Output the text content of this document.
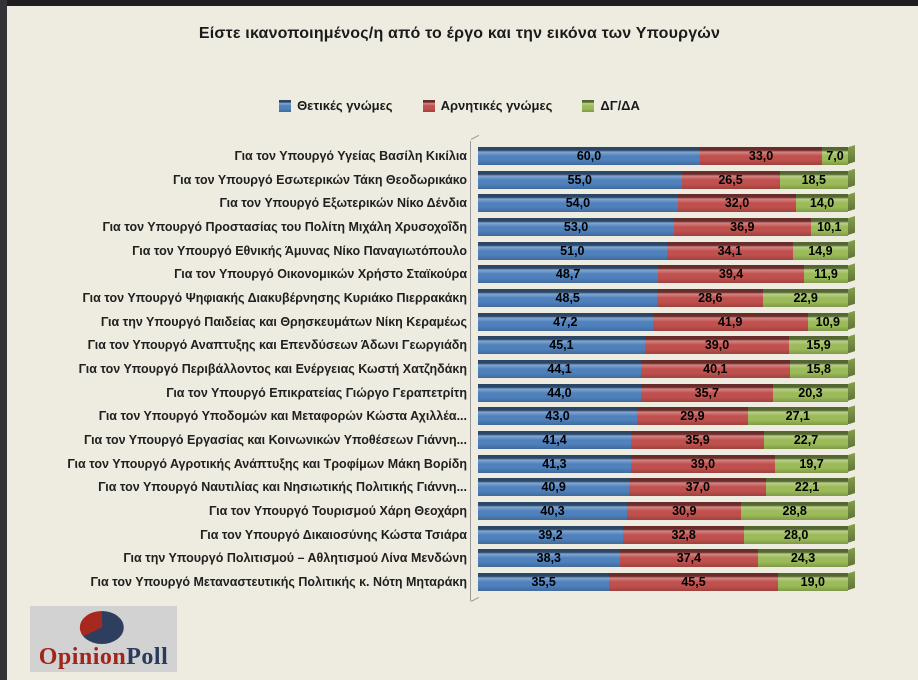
Είστε ικανοποιημένος/η από το έργο και την εικόνα των Υπουργών
Θετικές γνώμες	Αρνητικές γνώμες	ΔΓ/ΔΑ
Για τον Υπουργό Υγείας Βασίλη Κικίλια	60,0	33,0	7,0
Για τον Υπουργό Εσωτερικών Τάκη Θεοδωρικάκο	55,0	26,5	18,5
Για τον Υπουργό Εξωτερικών Νίκο Δένδια	54,0	32,0	14,0
Για τον Υπουργό Προστασίας του Πολίτη Μιχάλη Χρυσοχοΐδη	53,0	36,9	10,1
Για τον Υπουργό Εθνικής Άμυνας Νίκο Παναγιωτόπουλο	51,0	34,1	14,9
Για τον Υπουργό Οικονομικών Χρήστο Σταϊκούρα	48,7	39,4	11,9
Για τον Υπουργό Ψηφιακής Διακυβέρνησης Κυριάκο Πιερρακάκη	48,5	28,6	22,9
Για την Υπουργό Παιδείας και Θρησκευμάτων Νίκη Κεραμέως	47,2	41,9	10,9
Για τον Υπουργό Αναπτυξης και Επενδύσεων Άδωνι Γεωργιάδη	45,1	39,0	15,9
Για τον Υπουργό Περιβάλλοντος και Ενέργειας Κωστή Χατζηδάκη	44,1	40,1	15,8
Για τον Υπουργό Επικρατείας Γιώργο Γεραπετρίτη	44,0	35,7	20,3
Για τον Υπουργό Υποδομών και Μεταφορών Κώστα Αχιλλέα...	43,0	29,9	27,1
Για τον Υπουργό Εργασίας και Κοινωνικών Υποθέσεων Γιάννη...	41,4	35,9	22,7
Για τον Υπουργό Αγροτικής Ανάπτυξης και Τροφίμων Μάκη Βορίδη	41,3	39,0	19,7
Για τον Υπουργό Ναυτιλίας και Νησιωτικής Πολιτικής Γιάννη...	40,9	37,0	22,1
Για τον Υπουργό Τουρισμού Χάρη Θεοχάρη	40,3	30,9	28,8
Για τον Υπουργό Δικαιοσύνης Κώστα Τσιάρα	39,2	32,8	28,0
Για την Υπουργό Πολιτισμού – Αθλητισμού Λίνα Μενδώνη	38,3	37,4	24,3
Για τον Υπουργό Μεταναστευτικής Πολιτικής κ. Νότη Μηταράκη	35,5	45,5	19,0
OpinionPoll
